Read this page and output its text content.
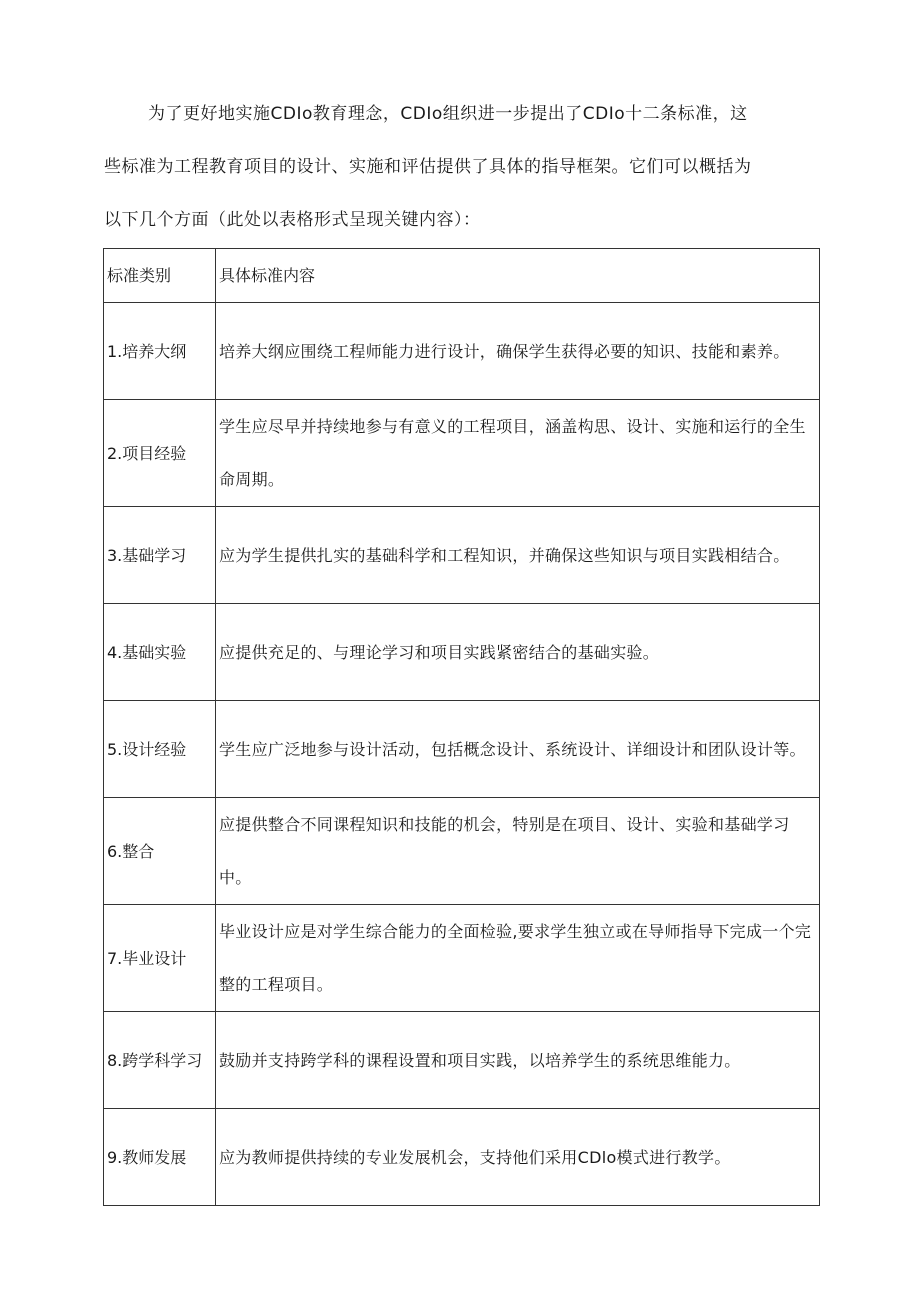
为了更好地实施CDIo教育理念，CDIo组织进一步提出了CDIo十二条标准，这些标准为工程教育项目的设计、实施和评估提供了具体的指导框架。它们可以概括为以下几个方面（此处以表格形式呈现关键内容）：

标准类别	具体标准内容
1.培养大纲	培养大纲应围绕工程师能力进行设计，确保学生获得必要的知识、技能和素养。
2.项目经验	学生应尽早并持续地参与有意义的工程项目，涵盖构思、设计、实施和运行的全生命周期。
3.基础学习	应为学生提供扎实的基础科学和工程知识，并确保这些知识与项目实践相结合。
4.基础实验	应提供充足的、与理论学习和项目实践紧密结合的基础实验。
5.设计经验	学生应广泛地参与设计活动，包括概念设计、系统设计、详细设计和团队设计等。
6.整合	应提供整合不同课程知识和技能的机会，特别是在项目、设计、实验和基础学习中。
7.毕业设计	毕业设计应是对学生综合能力的全面检验,要求学生独立或在导师指导下完成一个完整的工程项目。
8.跨学科学习	鼓励并支持跨学科的课程设置和项目实践，以培养学生的系统思维能力。
9.教师发展	应为教师提供持续的专业发展机会，支持他们采用CDlo模式进行教学。
